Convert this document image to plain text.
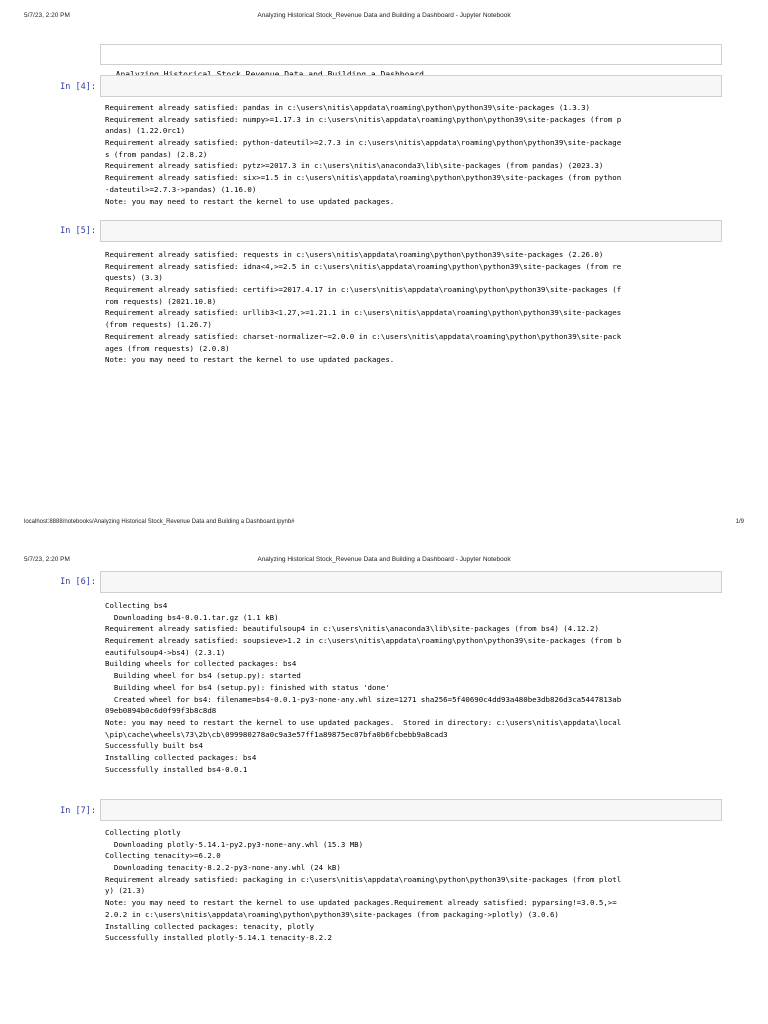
5/7/23, 2:20 PM	Analyzing Historical Stock_Revenue Data and Building a Dashboard - Jupyter Notebook

In [4]:

Requirement already satisfied: pandas in c:\users\nitis\appdata\roaming\python\python39\site-packages (1.3.3)
Requirement already satisfied: numpy>=1.17.3 in c:\users\nitis\appdata\roaming\python\python39\site-packages (from p
andas) (1.22.0rc1)
Requirement already satisfied: python-dateutil>=2.7.3 in c:\users\nitis\appdata\roaming\python\python39\site-package
s (from pandas) (2.8.2)
Requirement already satisfied: pytz>=2017.3 in c:\users\nitis\anaconda3\lib\site-packages (from pandas) (2023.3)
Requirement already satisfied: six>=1.5 in c:\users\nitis\appdata\roaming\python\python39\site-packages (from python
-dateutil>=2.7.3->pandas) (1.16.0)
Note: you may need to restart the kernel to use updated packages.
In [5]:

Requirement already satisfied: requests in c:\users\nitis\appdata\roaming\python\python39\site-packages (2.26.0)
Requirement already satisfied: idna<4,>=2.5 in c:\users\nitis\appdata\roaming\python\python39\site-packages (from re
quests) (3.3)
Requirement already satisfied: certifi>=2017.4.17 in c:\users\nitis\appdata\roaming\python\python39\site-packages (f
rom requests) (2021.10.8)
Requirement already satisfied: urllib3<1.27,>=1.21.1 in c:\users\nitis\appdata\roaming\python\python39\site-packages
(from requests) (1.26.7)
Requirement already satisfied: charset-normalizer~=2.0.0 in c:\users\nitis\appdata\roaming\python\python39\site-pack
ages (from requests) (2.0.8)
Note: you may need to restart the kernel to use updated packages.
localhost:8888/notebooks/Analyzing Historical Stock_Revenue Data and Building a Dashboard.ipynb#	1/9
5/7/23, 2:20 PM	Analyzing Historical Stock_Revenue Data and Building a Dashboard - Jupyter Notebook
In [6]:

Collecting bs4
Downloading bs4-0.0.1.tar.gz (1.1 kB)
Requirement already satisfied: beautifulsoup4 in c:\users\nitis\anaconda3\lib\site-packages (from bs4) (4.12.2)
Requirement already satisfied: soupsieve>1.2 in c:\users\nitis\appdata\roaming\python\python39\site-packages (from b
eautifulsoup4->bs4) (2.3.1)
Building wheels for collected packages: bs4
Building wheel for bs4 (setup.py): started
Building wheel for bs4 (setup.py): finished with status 'done'
Created wheel for bs4: filename=bs4-0.0.1-py3-none-any.whl size=1271 sha256=5f40690c4dd93a480be3db826d3ca5447813ab
09eb0894b0c6d0f99f3b8c8d8
Note: you may need to restart the kernel to use updated packages.  Stored in directory: c:\users\nitis\appdata\local
\pip\cache\wheels\73\2b\cb\099980278a0c9a3e57ff1a89875ec07bfa0b6fcbebb9a8cad3
Successfully built bs4
Installing collected packages: bs4
Successfully installed bs4-0.0.1
In [7]:

Collecting plotly
Downloading plotly-5.14.1-py2.py3-none-any.whl (15.3 MB)
Collecting tenacity>=6.2.0
Downloading tenacity-8.2.2-py3-none-any.whl (24 kB)
Requirement already satisfied: packaging in c:\users\nitis\appdata\roaming\python\python39\site-packages (from plotl
y) (21.3)
Note: you may need to restart the kernel to use updated packages.Requirement already satisfied: pyparsing!=3.0.5,>=
2.0.2 in c:\users\nitis\appdata\roaming\python\python39\site-packages (from packaging->plotly) (3.0.6)
Installing collected packages: tenacity, plotly
Successfully installed plotly-5.14.1 tenacity-8.2.2
